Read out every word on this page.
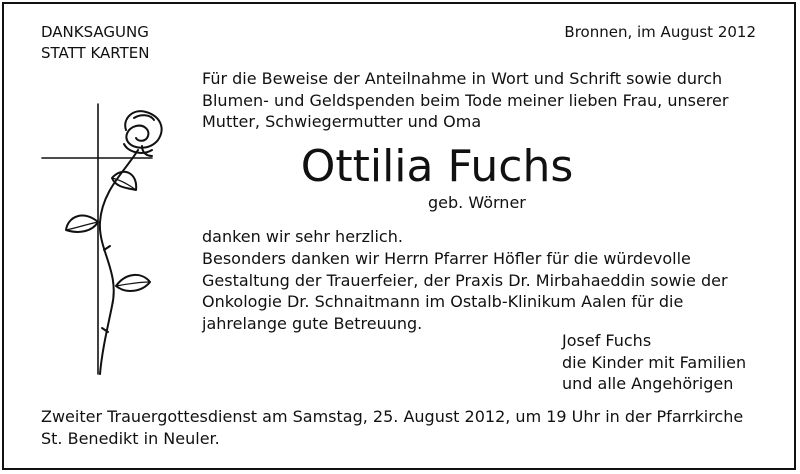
DANKSAGUNG
STATT KARTEN
Bronnen, im August 2012
Für die Beweise der Anteilnahme in Wort und Schrift sowie durch
Blumen- und Geldspenden beim Tode meiner lieben Frau, unserer
Mutter, Schwiegermutter und Oma
Ottilia Fuchs
geb. Wörner
danken wir sehr herzlich.
Besonders danken wir Herrn Pfarrer Höfler für die würdevolle
Gestaltung der Trauerfeier, der Praxis Dr. Mirbahaeddin sowie der
Onkologie Dr. Schnaitmann im Ostalb-Klinikum Aalen für die
jahrelange gute Betreuung.
Josef Fuchs
die Kinder mit Familien
und alle Angehörigen
Zweiter Trauergottesdienst am Samstag, 25. August 2012, um 19 Uhr in der Pfarrkirche
St. Benedikt in Neuler.
